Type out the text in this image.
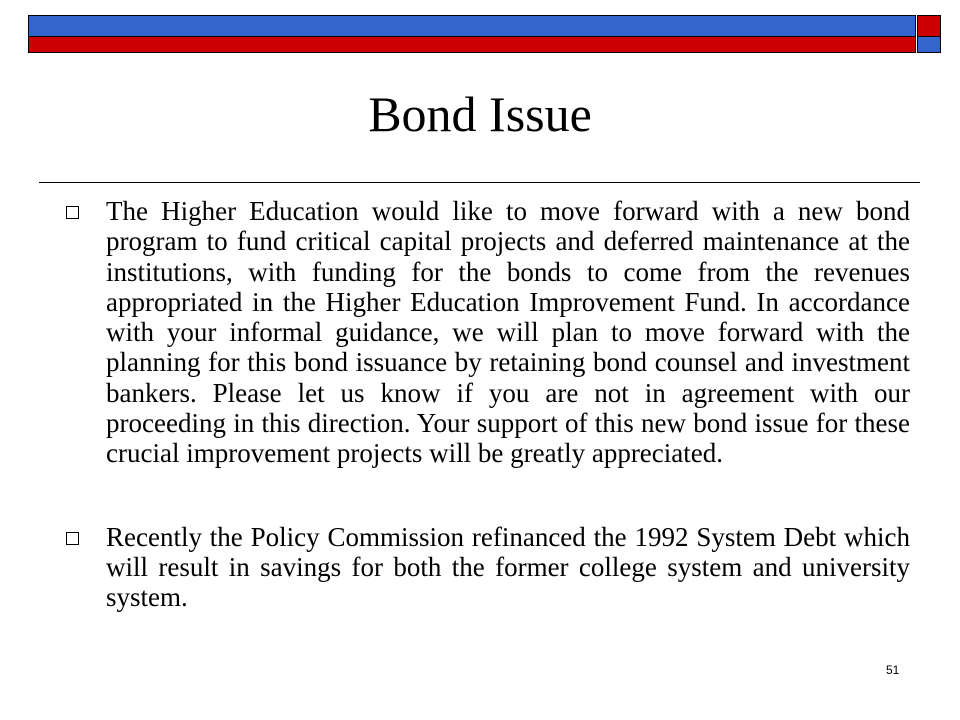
Bond Issue
The Higher Education would like to move forward with a new bond program to fund critical capital projects and deferred maintenance at the institutions, with funding for the bonds to come from the revenues appropriated in the Higher Education Improvement Fund. In accordance with your informal guidance, we will plan to move forward with the planning for this bond issuance by retaining bond counsel and investment bankers. Please let us know if you are not in agreement with our proceeding in this direction. Your support of this new bond issue for these crucial improvement projects will be greatly appreciated.
Recently the Policy Commission refinanced the 1992 System Debt which will result in savings for both the former college system and university system.
51
